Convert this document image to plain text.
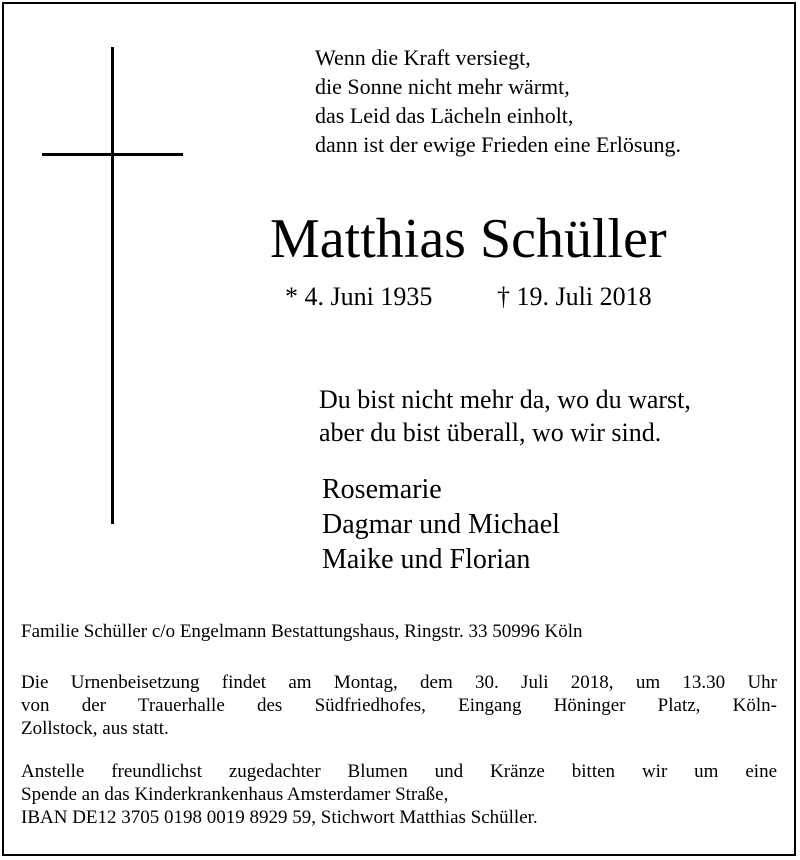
Wenn die Kraft versiegt,
die Sonne nicht mehr wärmt,
das Leid das Lächeln einholt,
dann ist der ewige Frieden eine Erlösung.
Matthias Schüller
* 4. Juni 1935 † 19. Juli 2018
Du bist nicht mehr da, wo du warst,
aber du bist überall, wo wir sind.
Rosemarie
Dagmar und Michael
Maike und Florian
Familie Schüller c/o Engelmann Bestattungshaus, Ringstr. 33 50996 Köln
Die Urnenbeisetzung findet am Montag, dem 30. Juli 2018, um 13.30 Uhr
von der Trauerhalle des Südfriedhofes, Eingang Höninger Platz, Köln-
Zollstock, aus statt.
Anstelle freundlichst zugedachter Blumen und Kränze bitten wir um eine
Spende an das Kinderkrankenhaus Amsterdamer Straße,
IBAN DE12 3705 0198 0019 8929 59, Stichwort Matthias Schüller.
